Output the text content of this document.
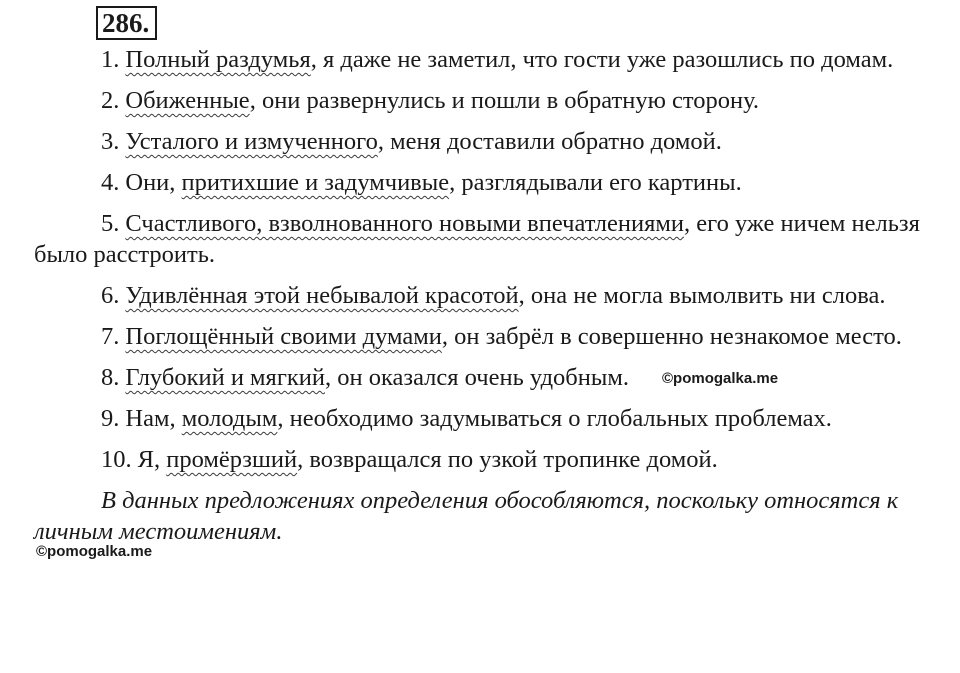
286.

1. Полный раздумья, я даже не заметил, что гости уже разошлись по домам.

2. Обиженные, они развернулись и пошли в обратную сторону.

3. Усталого и измученного, меня доставили обратно домой.

4. Они, притихшие и задумчивые, разглядывали его картины.

5. Счастливого, взволнованного новыми впечатлениями, его уже ничем нельзя было расстроить.

6. Удивлённая этой небывалой красотой, она не могла вымолвить ни слова.

7. Поглощённый своими думами, он забрёл в совершенно незнакомое место.

8. Глубокий и мягкий, он оказался очень удобным.

9. Нам, молодым, необходимо задумываться о глобальных проблемах.

10. Я, промёрзший, возвращался по узкой тропинке домой.

В данных предложениях определения обособляются, поскольку относятся к личным местоимениям.

©pomogalka.me
©pomogalka.me
